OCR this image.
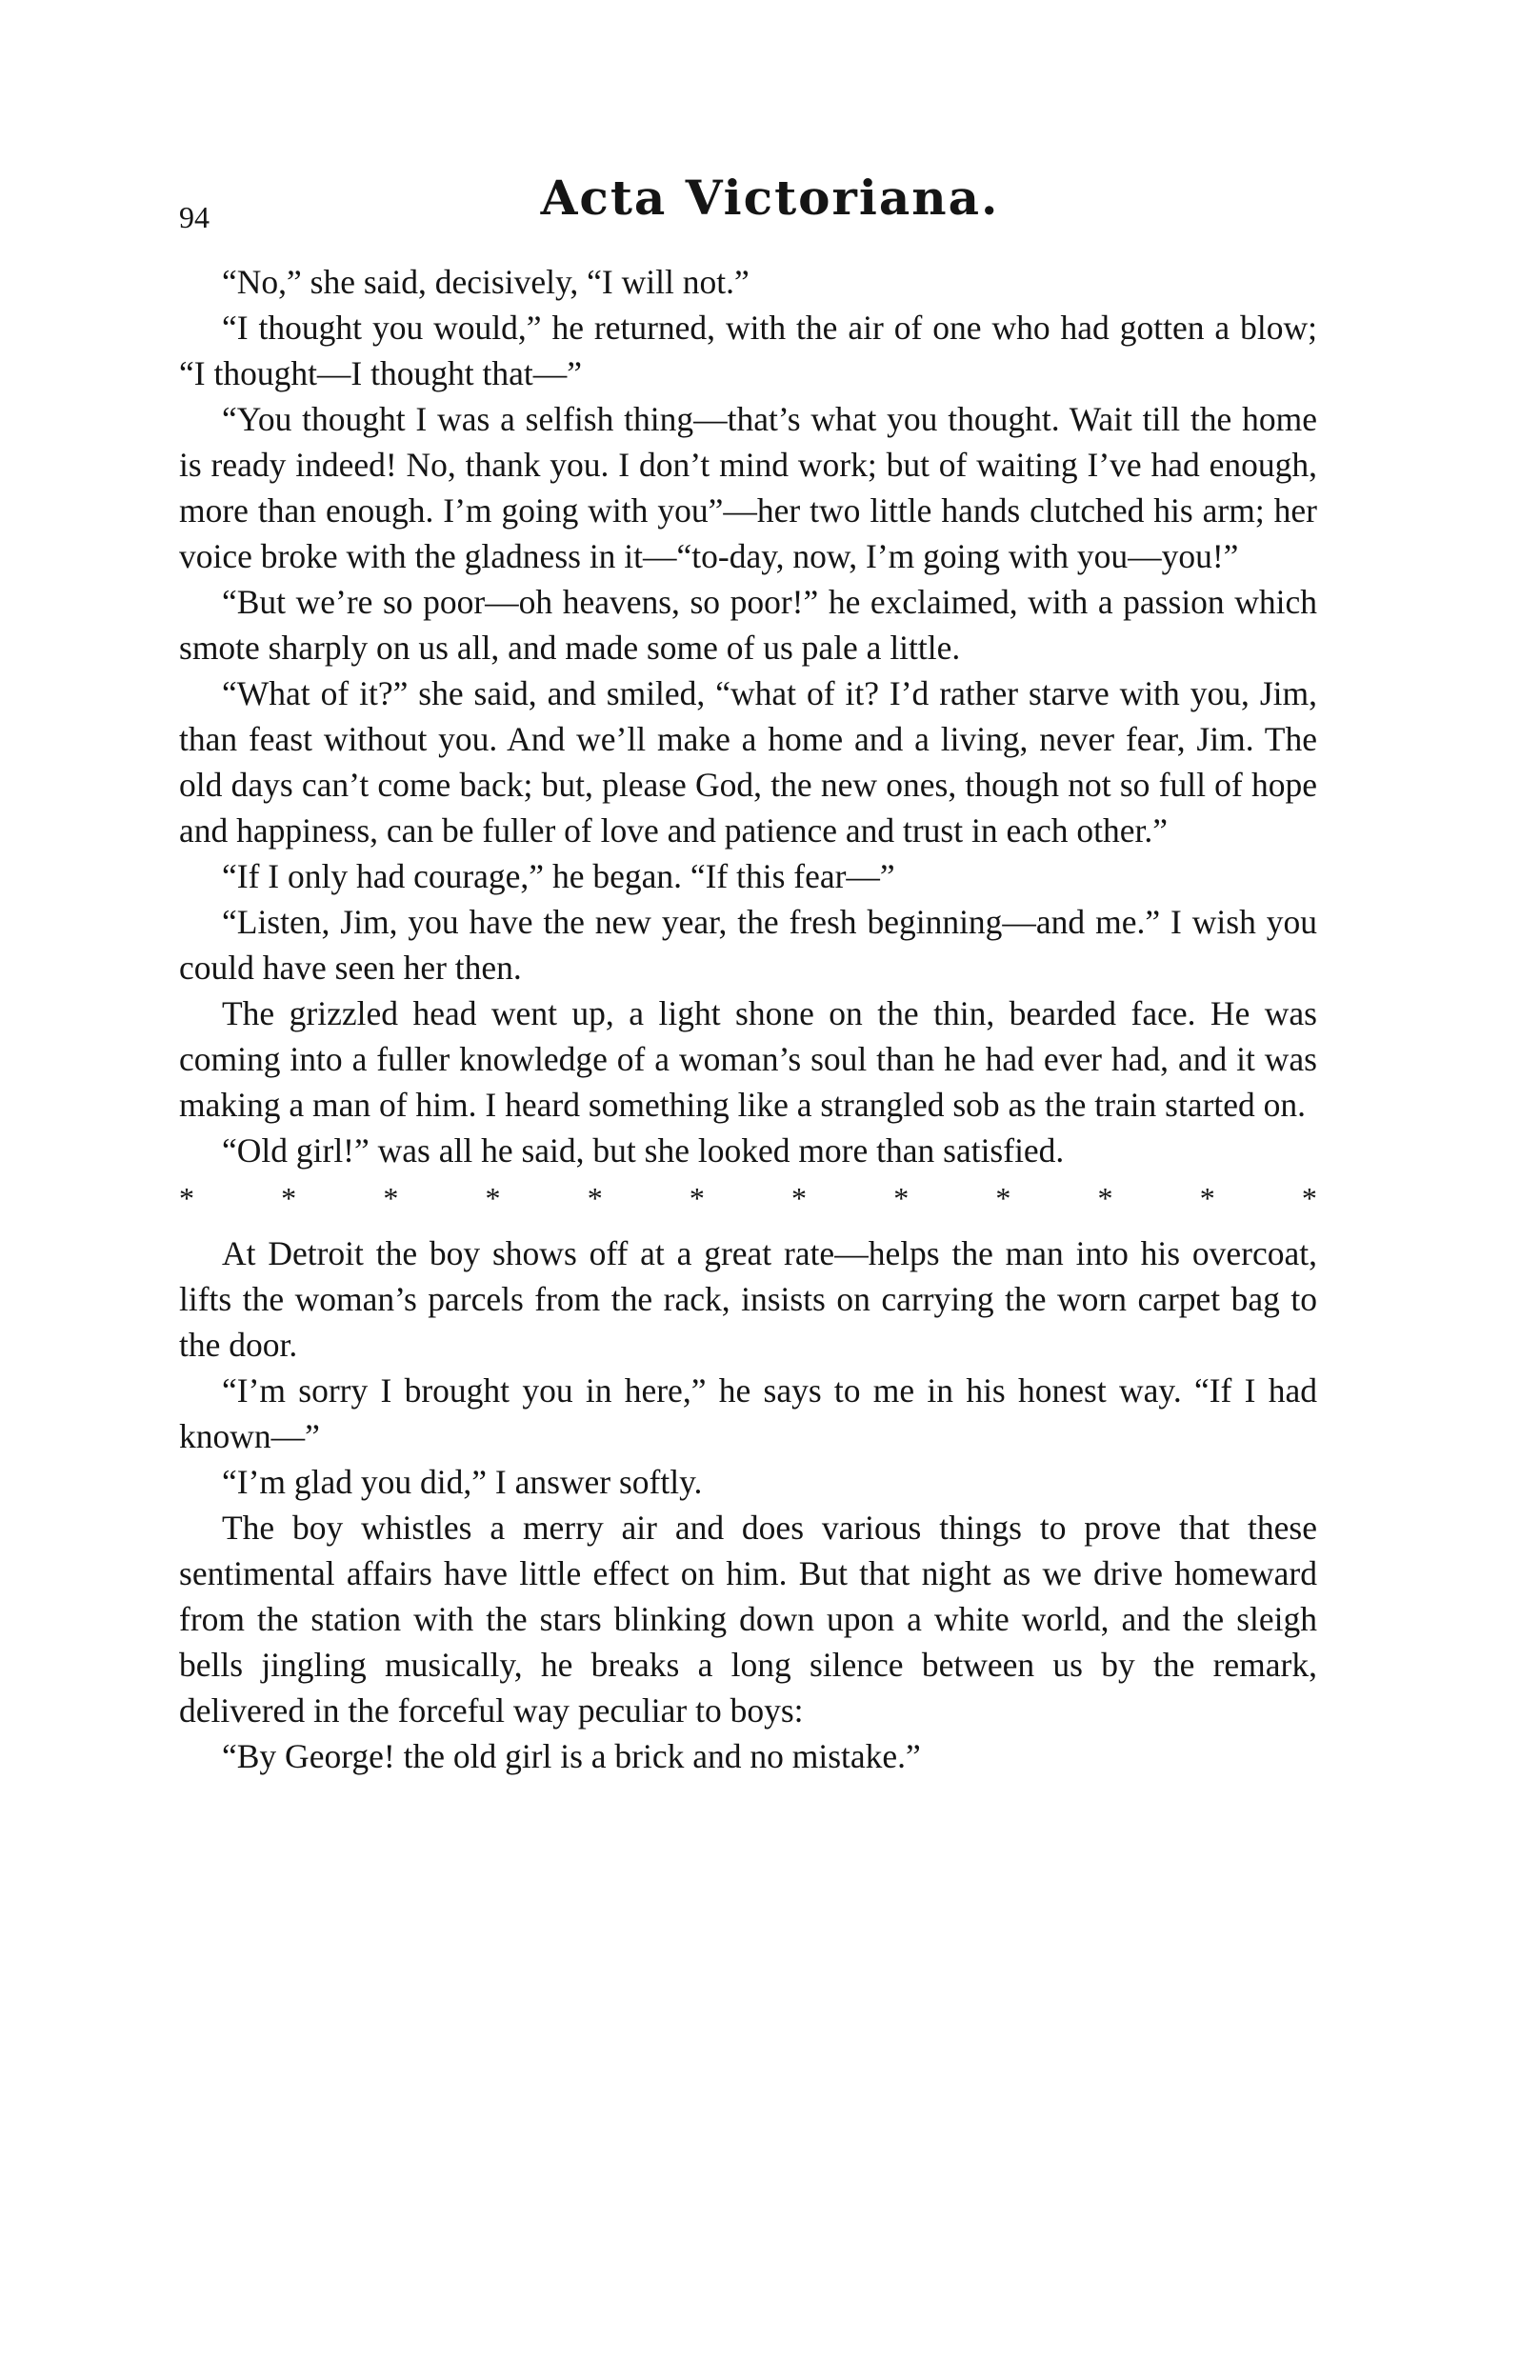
94	Acta Victoriana.

“No,” she said, decisively, “I will not.”

“I thought you would,” he returned, with the air of one who had gotten a blow; “I thought—I thought that—”

“You thought I was a selfish thing—that’s what you thought. Wait till the home is ready indeed! No, thank you. I don’t mind work; but of waiting I’ve had enough, more than enough. I’m going with you”—her two little hands clutched his arm; her voice broke with the gladness in it—“to-day, now, I’m going with you—you!”

“But we’re so poor—oh heavens, so poor!” he exclaimed, with a passion which smote sharply on us all, and made some of us pale a little.

“What of it?” she said, and smiled, “what of it? I’d rather starve with you, Jim, than feast without you. And we’ll make a home and a living, never fear, Jim. The old days can’t come back; but, please God, the new ones, though not so full of hope and happiness, can be fuller of love and patience and trust in each other.”

“If I only had courage,” he began. “If this fear—”

“Listen, Jim, you have the new year, the fresh beginning—and me.” I wish you could have seen her then.

The grizzled head went up, a light shone on the thin, bearded face. He was coming into a fuller knowledge of a woman’s soul than he had ever had, and it was making a man of him. I heard something like a strangled sob as the train started on.

“Old girl!” was all he said, but she looked more than satisfied.

*	*	*	*	*	*	*	*	*	*	*	*

At Detroit the boy shows off at a great rate—helps the man into his overcoat, lifts the woman’s parcels from the rack, insists on carrying the worn carpet bag to the door.

“I’m sorry I brought you in here,” he says to me in his honest way. “If I had known—”

“I’m glad you did,” I answer softly.

The boy whistles a merry air and does various things to prove that these sentimental affairs have little effect on him. But that night as we drive homeward from the station with the stars blinking down upon a white world, and the sleigh bells jingling musically, he breaks a long silence between us by the remark, delivered in the forceful way peculiar to boys:

“By George! the old girl is a brick and no mistake.”
